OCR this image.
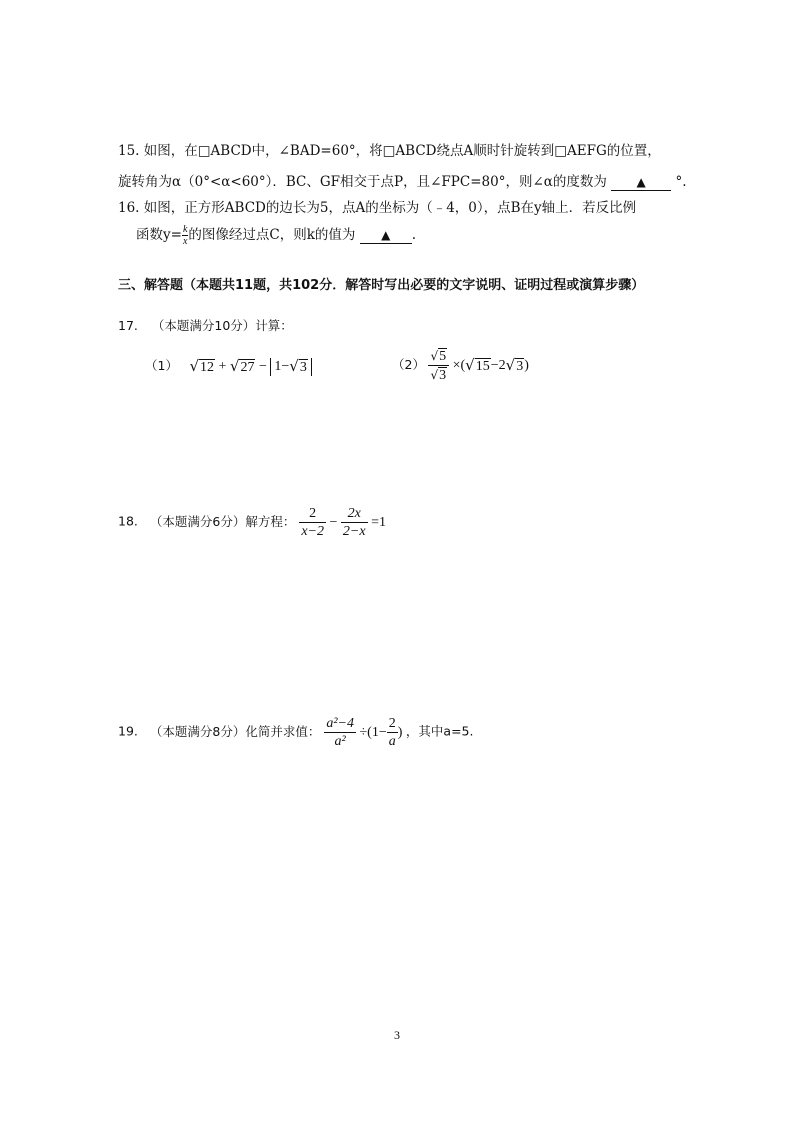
15. 如图，在□ABCD中，∠BAD=60°，将□ABCD绕点A顺时针旋转到□AEFG的位置，
旋转角为α（0°<α<60°）．BC、GF相交于点P，且∠FPC=80°，则∠α的度数为 ▲ °.
16. 如图，正方形ABCD的边长为5，点A的坐标为（﹣4，0），点B在y轴上．若反比例
函数$y= \frac{k}{x}$ 的图像经过点C，则k的值为 ▲ .
三、解答题（本题共11题，共102分．解答时写出必要的文字说明、证明过程或演算步骤）
17. （本题满分10分）计算：
（1） √12 + √27 − 1−√3	$(2) \frac{√5}{√3} \times(√15-2√3)$
18. （本题满分6分）解方程： $\frac{2}{x-2} - \frac{2x}{2-x} =1$
19. （本题满分8分）化简并求值： $\frac{\text{a²−4}}{\text{a²}} \div(1- \frac{2}{a}$ ) ，其中a=5.
3
